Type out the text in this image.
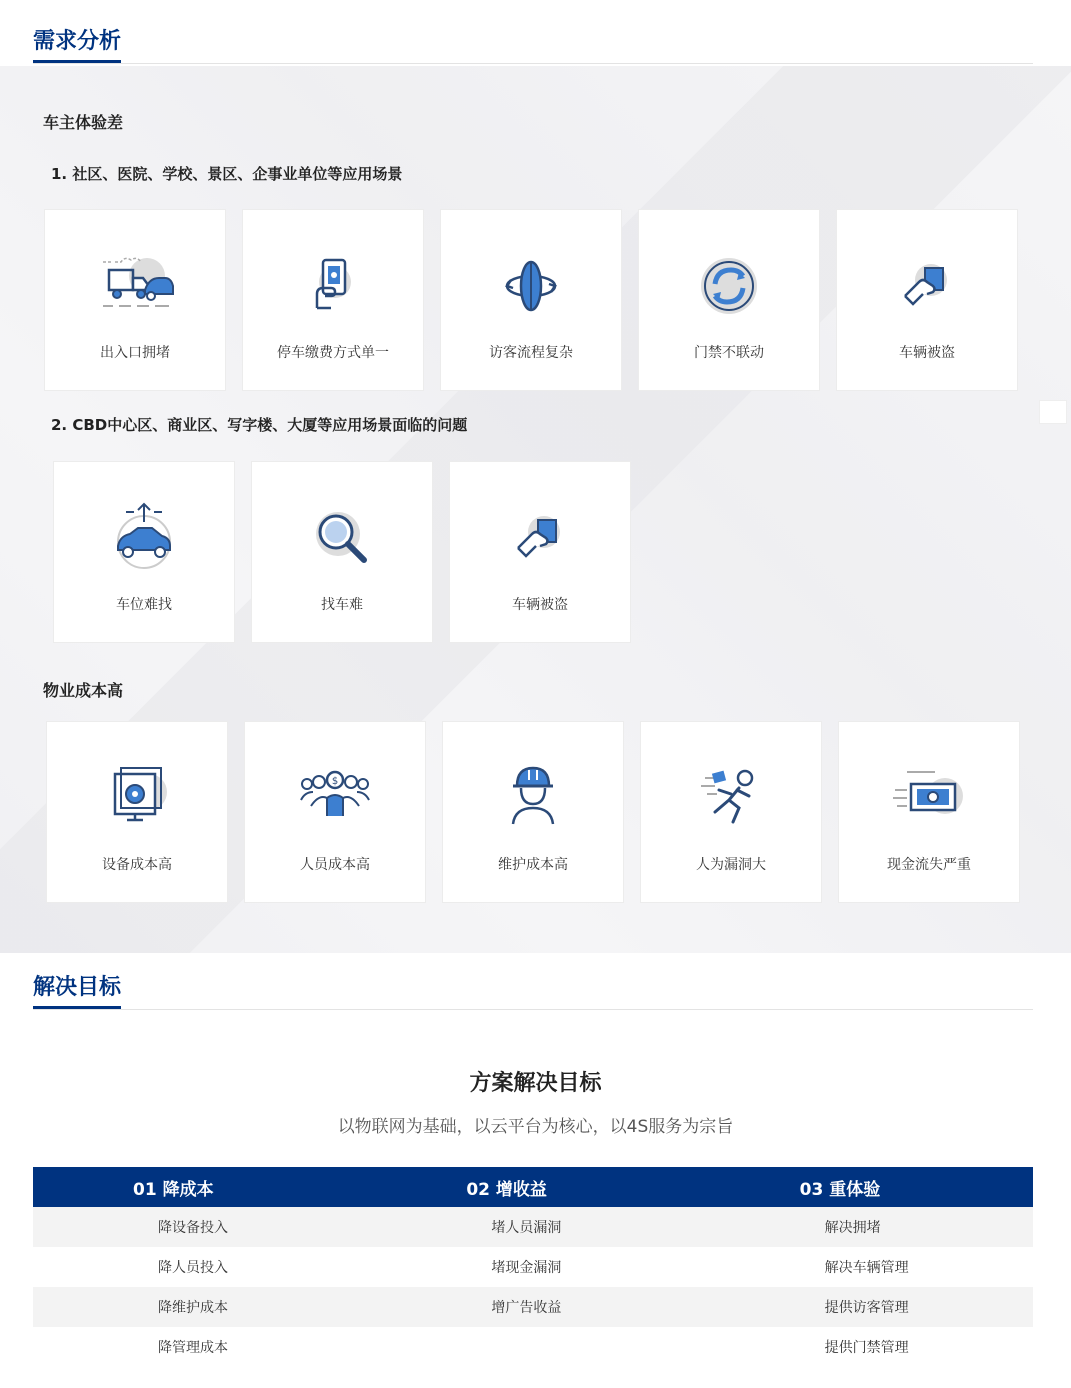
需求分析
车主体验差
1. 社区、医院、学校、景区、企事业单位等应用场景
出入口拥堵	停车缴费方式单一	访客流程复杂	门禁不联动	车辆被盗
2. CBD中心区、商业区、写字楼、大厦等应用场景面临的问题
车位难找	找车难	车辆被盗
物业成本高
设备成本高
$
人员成本高	维护成本高	人为漏洞大	现金流失严重
解决目标
方案解决目标
以物联网为基础，以云平台为核心，以4S服务为宗旨
01 降成本	02 增收益	03 重体验
降设备投入	堵人员漏洞	解决拥堵
降人员投入	堵现金漏洞	解决车辆管理
降维护成本	增广告收益	提供访客管理
降管理成本		提供门禁管理
